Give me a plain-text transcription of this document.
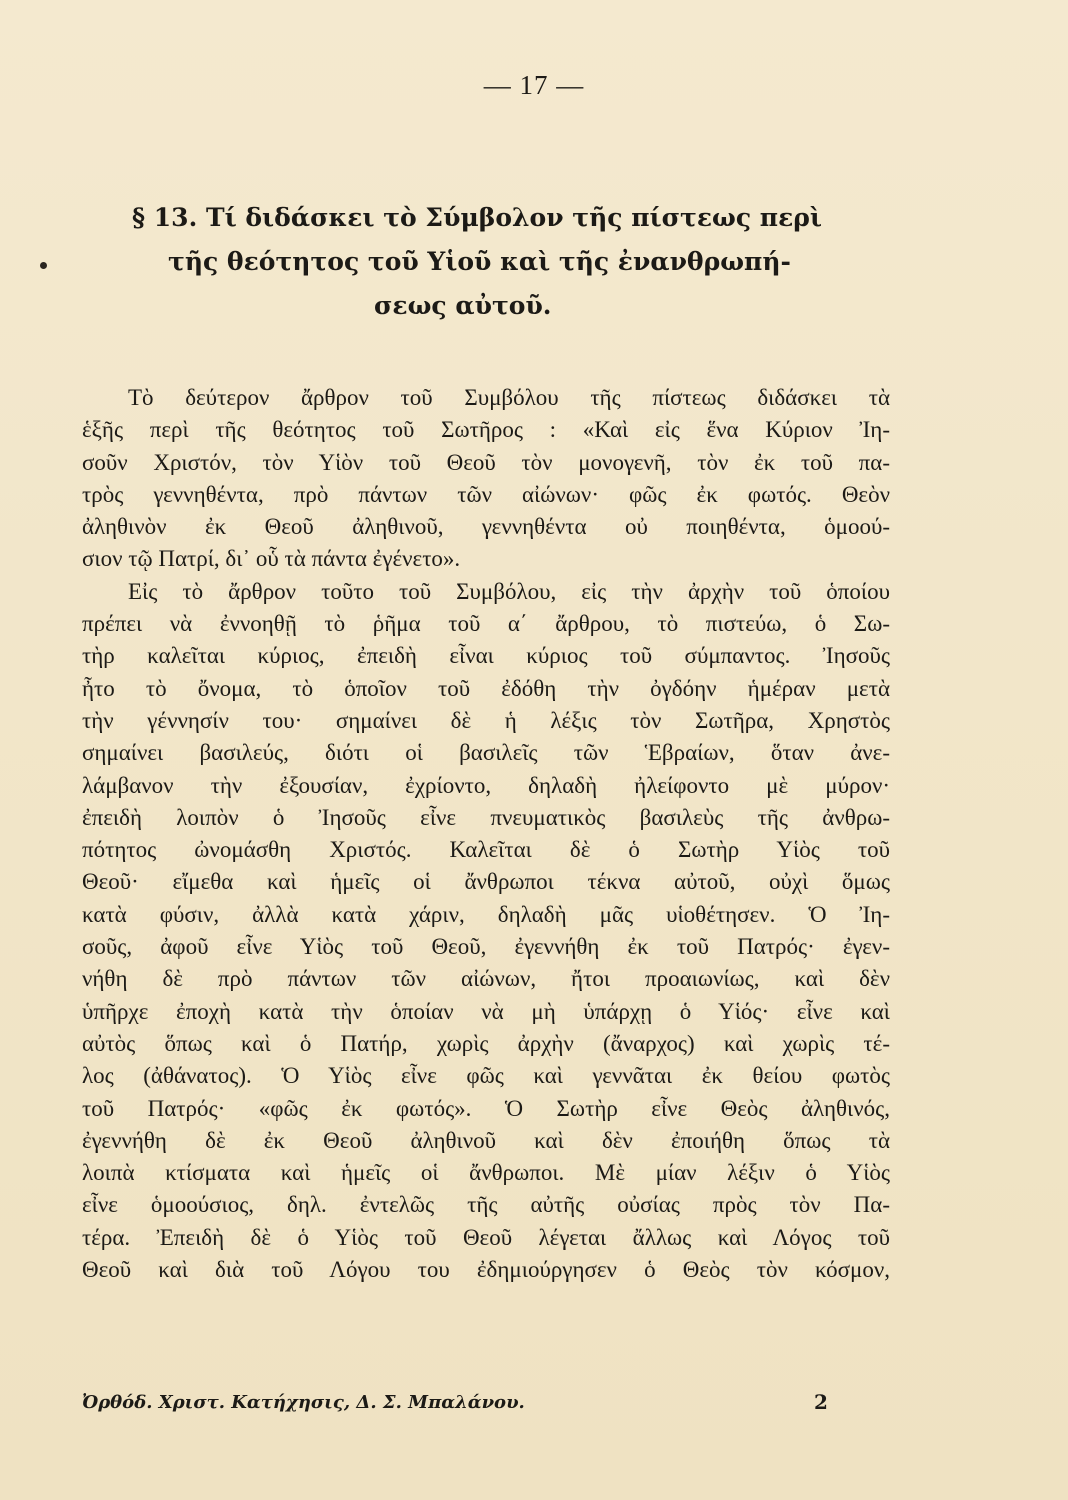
— 17 —
§ 13. Τί διδάσκει τὸ Σύμβολον τῆς πίστεως περὶ
τῆς θεότητος τοῦ Υἱοῦ καὶ τῆς ἐνανθρωπή-
σεως αὐτοῦ.
Τὸ δεύτερον ἄρθρον τοῦ Συμβόλου τῆς πίστεως διδάσκει τὰ
ἑξῆς περὶ τῆς θεότητος τοῦ Σωτῆρος : «Καὶ εἰς ἕνα Κύριον Ἰη-
σοῦν Χριστόν, τὸν Υἱὸν τοῦ Θεοῦ τὸν μονογενῆ, τὸν ἐκ τοῦ πα-
τρὸς γεννηθέντα, πρὸ πάντων τῶν αἰώνων· φῶς ἐκ φωτός. Θεὸν
ἀληθινὸν ἐκ Θεοῦ ἀληθινοῦ, γεννηθέντα οὐ ποιηθέντα, ὁμοού-
σιον τῷ Πατρί, δι᾽ οὗ τὰ πάντα ἐγένετο».
Εἰς τὸ ἄρθρον τοῦτο τοῦ Συμβόλου, εἰς τὴν ἀρχὴν τοῦ ὁποίου
πρέπει νὰ ἐννοηθῇ τὸ ῥῆμα τοῦ α΄ ἄρθρου, τὸ πιστεύω, ὁ Σω-
τὴρ καλεῖται κύριος, ἐπειδὴ εἶναι κύριος τοῦ σύμπαντος. Ἰησοῦς
ἦτο τὸ ὄνομα, τὸ ὁποῖον τοῦ ἐδόθη τὴν ὀγδόην ἡμέραν μετὰ
τὴν γέννησίν του· σημαίνει δὲ ἡ λέξις τὸν Σωτῆρα, Χρηστὸς
σημαίνει βασιλεύς, διότι οἱ βασιλεῖς τῶν Ἑβραίων, ὅταν ἀνε-
λάμβανον τὴν ἐξουσίαν, ἐχρίοντο, δηλαδὴ ἠλείφοντο μὲ μύρον·
ἐπειδὴ λοιπὸν ὁ Ἰησοῦς εἶνε πνευματικὸς βασιλεὺς τῆς ἀνθρω-
πότητος ὠνομάσθη Χριστός. Καλεῖται δὲ ὁ Σωτὴρ Υἱὸς τοῦ
Θεοῦ· εἴμεθα καὶ ἡμεῖς οἱ ἄνθρωποι τέκνα αὐτοῦ, οὐχὶ ὅμως
κατὰ φύσιν, ἀλλὰ κατὰ χάριν, δηλαδὴ μᾶς υἱοθέτησεν. Ὁ Ἰη-
σοῦς, ἀφοῦ εἶνε Υἱὸς τοῦ Θεοῦ, ἐγεννήθη ἐκ τοῦ Πατρός· ἐγεν-
νήθη δὲ πρὸ πάντων τῶν αἰώνων, ἤτοι προαιωνίως, καὶ δὲν
ὑπῆρχε ἐποχὴ κατὰ τὴν ὁποίαν νὰ μὴ ὑπάρχῃ ὁ Υἱός· εἶνε καὶ
αὐτὸς ὅπως καὶ ὁ Πατήρ, χωρὶς ἀρχὴν (ἄναρχος) καὶ χωρὶς τέ-
λος (ἀθάνατος). Ὁ Υἱὸς εἶνε φῶς καὶ γεννᾶται ἐκ θείου φωτὸς
τοῦ Πατρός· «φῶς ἐκ φωτός». Ὁ Σωτὴρ εἶνε Θεὸς ἀληθινός,
ἐγεννήθη δὲ ἐκ Θεοῦ ἀληθινοῦ καὶ δὲν ἐποιήθη ὅπως τὰ
λοιπὰ κτίσματα καὶ ἡμεῖς οἱ ἄνθρωποι. Μὲ μίαν λέξιν ὁ Υἱὸς
εἶνε ὁμοούσιος, δηλ. ἐντελῶς τῆς αὐτῆς οὐσίας πρὸς τὸν Πα-
τέρα. Ἐπειδὴ δὲ ὁ Υἱὸς τοῦ Θεοῦ λέγεται ἄλλως καὶ Λόγος τοῦ
Θεοῦ καὶ διὰ τοῦ Λόγου του ἐδημιούργησεν ὁ Θεὸς τὸν κόσμον,
Ὀρθόδ. Χριστ. Κατήχησις, Δ. Σ. Μπαλάνου.	2
